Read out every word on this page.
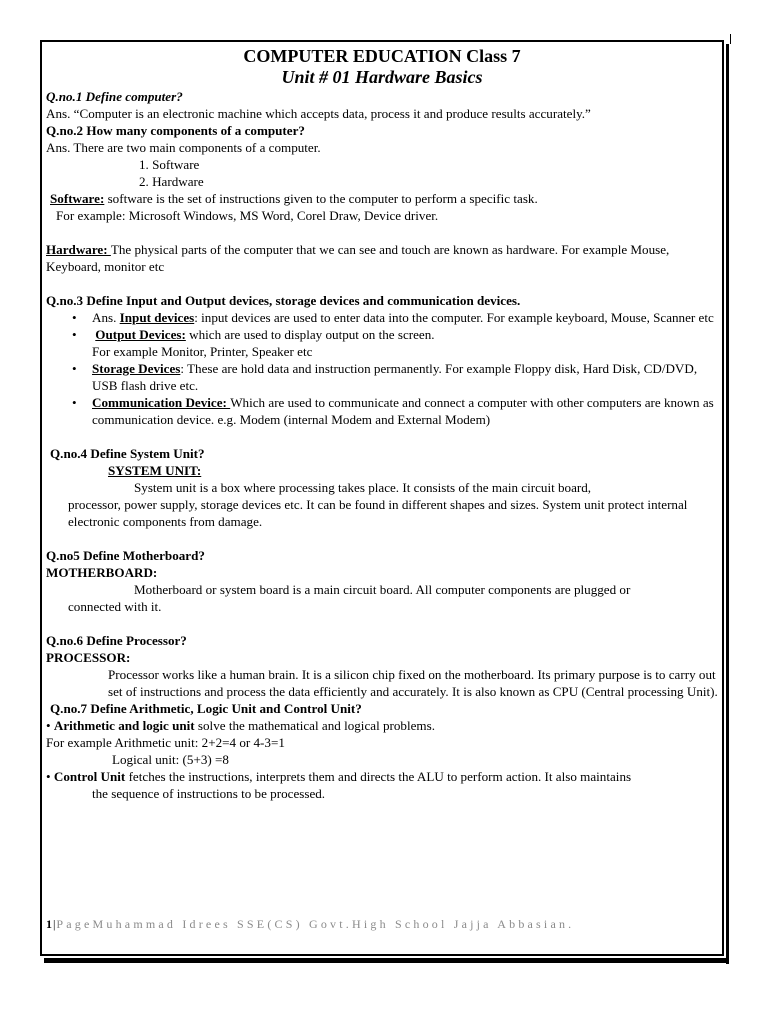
COMPUTER EDUCATION Class 7

Unit # 01 Hardware Basics

Q.no.1 Define computer?

Ans. “Computer is an electronic machine which accepts data, process it and produce results accurately.”

Q.no.2 How many components of a computer?

Ans. There are two main components of a computer.

1. Software
2. Hardware

Software: software is the set of instructions given to the computer to perform a specific task.

For example: Microsoft Windows, MS Word, Corel Draw, Device driver.

Hardware: The physical parts of the computer that we can see and touch are known as hardware. For example Mouse, Keyboard, monitor etc

Q.no.3 Define Input and Output devices, storage devices and communication devices.

• Ans. Input devices: input devices are used to enter data into the computer. For example keyboard, Mouse, Scanner etc
• Output Devices: which are used to display output on the screen.

For example Monitor, Printer, Speaker etc

• Storage Devices: These are hold data and instruction permanently. For example Floppy disk, Hard Disk, CD/DVD, USB flash drive etc.
• Communication Device: Which are used to communicate and connect a computer with other computers are known as communication device. e.g. Modem (internal Modem and External Modem)

Q.no.4 Define System Unit?

SYSTEM UNIT:

System unit is a box where processing takes place. It consists of the main circuit board,

processor, power supply, storage devices etc. It can be found in different shapes and sizes. System unit protect internal electronic components from damage.

Q.no5 Define Motherboard?

MOTHERBOARD:

Motherboard or system board is a main circuit board. All computer components are plugged or

connected with it.

Q.no.6 Define Processor?

PROCESSOR:

Processor works like a human brain. It is a silicon chip fixed on the motherboard. Its primary purpose is to carry out set of instructions and process the data efficiently and accurately. It is also known as CPU (Central processing Unit).

Q.no.7 Define Arithmetic, Logic Unit and Control Unit?

• Arithmetic and logic unit solve the mathematical and logical problems.

For example Arithmetic unit: 2+2=4 or 4-3=1

Logical unit: (5+3) =8

• Control Unit fetches the instructions, interprets them and directs the ALU to perform action. It also maintains

the sequence of instructions to be processed.

1|PageMuhammad Idrees SSE(CS) Govt.High School Jajja Abbasian.
